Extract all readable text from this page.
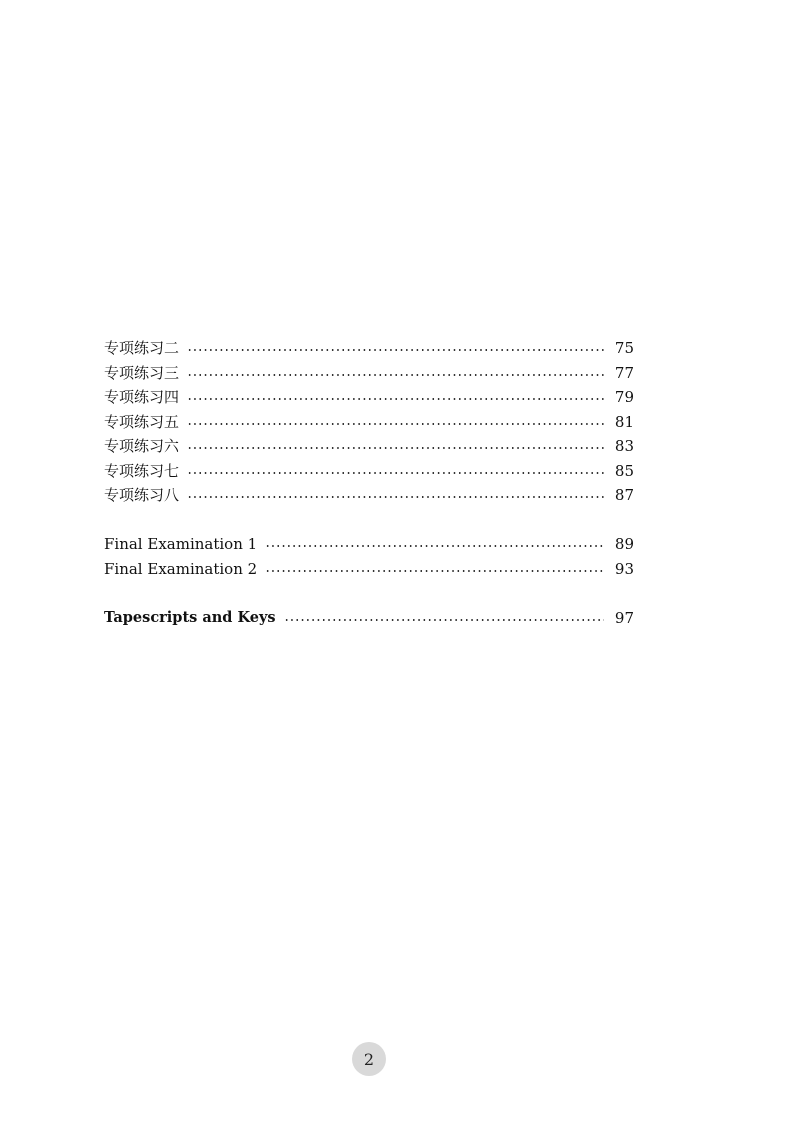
专项练习二	75
专项练习三	77
专项练习四	79
专项练习五	81
专项练习六	83
专项练习七	85
专项练习八	87
Final Examination 1	89
Final Examination 2	93
Tapescripts and Keys	97
2
